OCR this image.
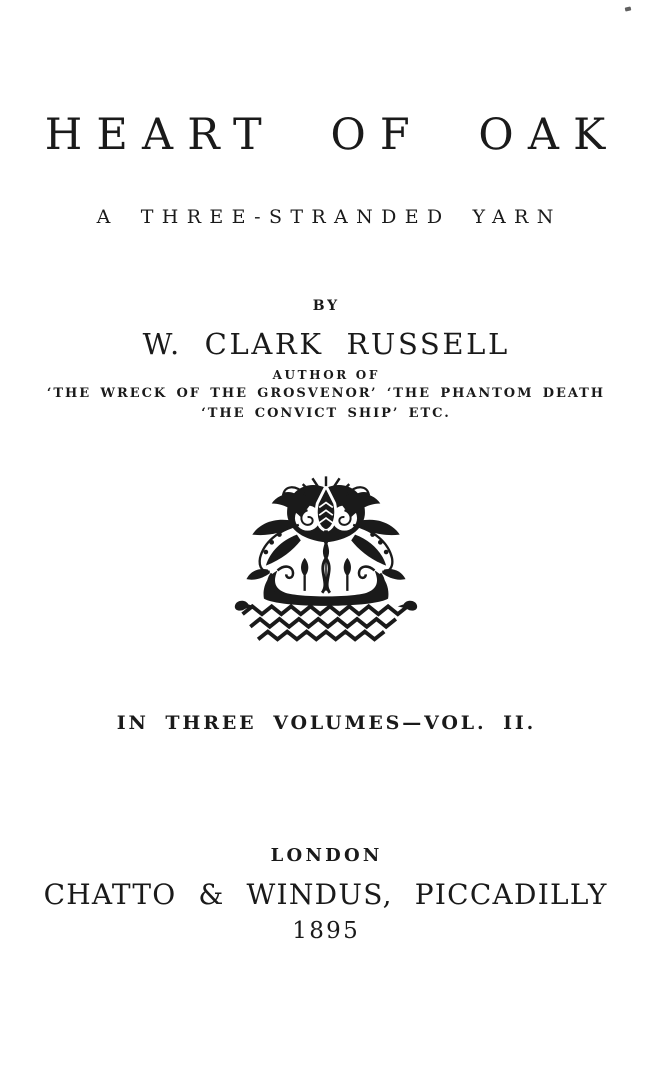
HEART OF OAK
A THREE-STRANDED YARN
BY
W. CLARK RUSSELL
AUTHOR OF
‘THE WRECK OF THE GROSVENOR’ ‘THE PHANTOM DEATH
‘THE CONVICT SHIP’ ETC.
IN THREE VOLUMES—VOL. II.
LONDON
CHATTO & WINDUS, PICCADILLY
1895
